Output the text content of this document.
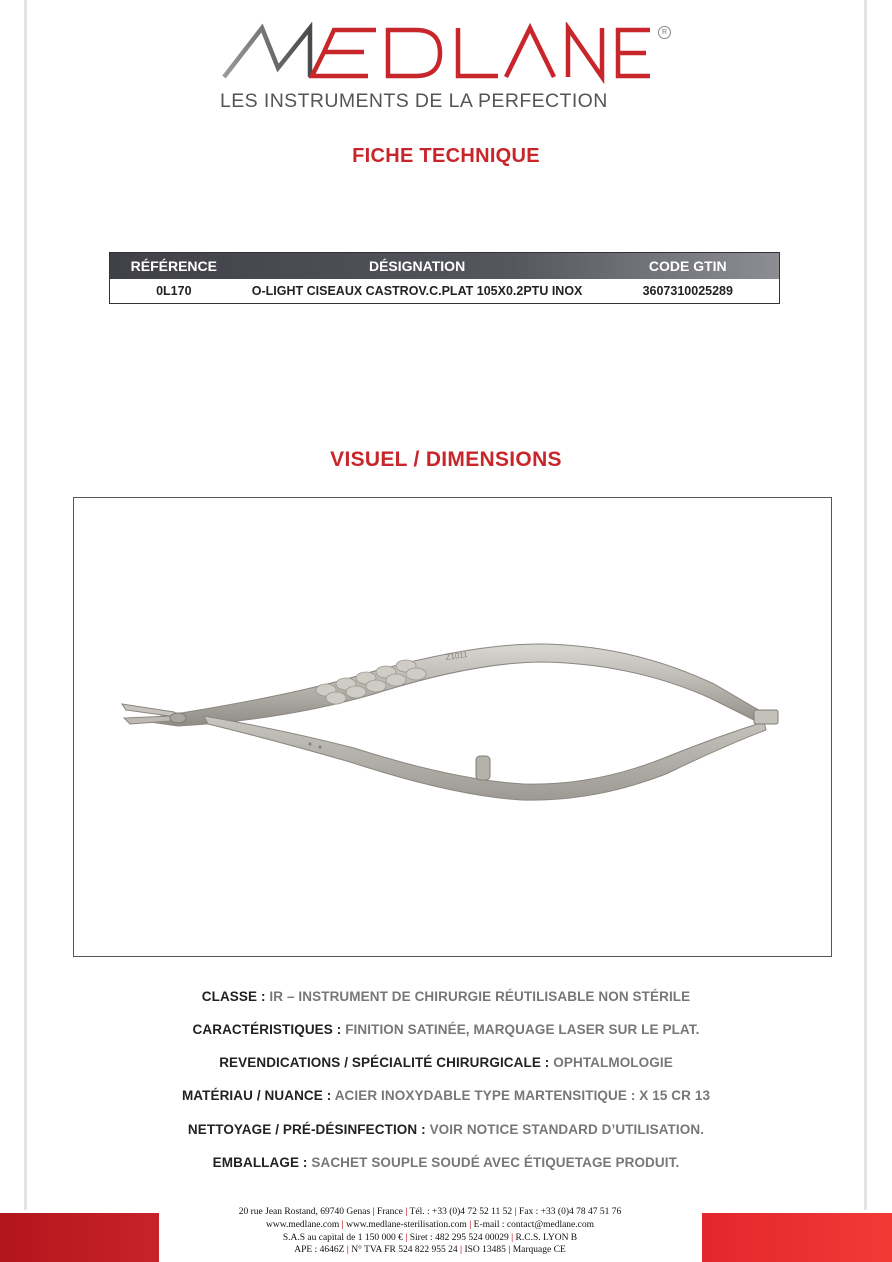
R
LES INSTRUMENTS DE LA PERFECTION
FICHE TECHNIQUE
RÉFÉRENCE	DÉSIGNATION	CODE GTIN
0L170	O-LIGHT CISEAUX CASTROV.C.PLAT 105X0.2PTU INOX	3607310025289
VISUEL / DIMENSIONS
Z1011
CLASSE : IR – INSTRUMENT DE CHIRURGIE RÉUTILISABLE NON STÉRILE
CARACTÉRISTIQUES : FINITION SATINÉE, MARQUAGE LASER SUR LE PLAT.
REVENDICATIONS / SPÉCIALITÉ CHIRURGICALE : OPHTALMOLOGIE
MATÉRIAU / NUANCE : ACIER INOXYDABLE TYPE MARTENSITIQUE : X 15 CR 13
NETTOYAGE / PRÉ-DÉSINFECTION : VOIR NOTICE STANDARD D’UTILISATION.
EMBALLAGE : SACHET SOUPLE SOUDÉ AVEC ÉTIQUETAGE PRODUIT.
20 rue Jean Rostand, 69740 Genas | France | Tél. : +33 (0)4 72 52 11 52 | Fax : +33 (0)4 78 47 51 76
www.medlane.com | www.medlane-sterilisation.com | E-mail : contact@medlane.com
S.A.S au capital de 1 150 000 € | Siret : 482 295 524 00029 | R.C.S. LYON B
APE : 4646Z | N° TVA FR 524 822 955 24 | ISO 13485 | Marquage CE
